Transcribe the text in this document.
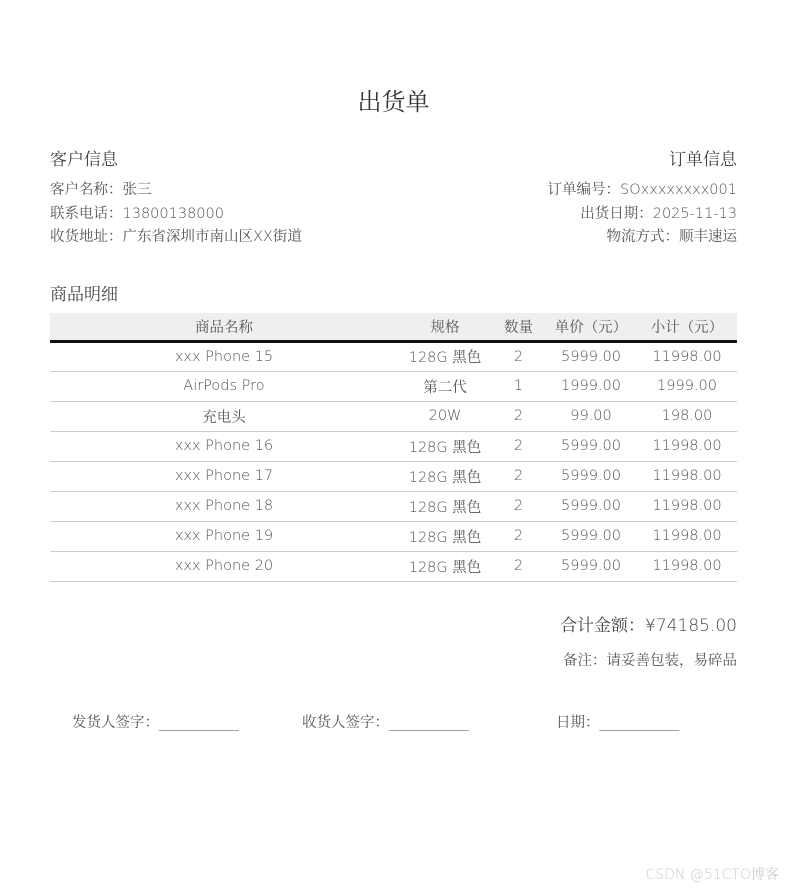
出货单
客户信息	订单信息
客户名称：张三
联系电话：13800138000
收货地址：广东省深圳市南山区XX街道
订单编号：SOxxxxxxxx001
出货日期：2025-11-13
物流方式：顺丰速运
商品明细
商品名称	规格	数量	单价（元）	小计（元）
xxx Phone 15	128G 黑色	2	5999.00	11998.00
AirPods Pro	第二代	1	1999.00	1999.00
充电头	20W	2	99.00	198.00
xxx Phone 16	128G 黑色	2	5999.00	11998.00
xxx Phone 17	128G 黑色	2	5999.00	11998.00
xxx Phone 18	128G 黑色	2	5999.00	11998.00
xxx Phone 19	128G 黑色	2	5999.00	11998.00
xxx Phone 20	128G 黑色	2	5999.00	11998.00
合计金额：¥74185.00
备注：请妥善包装，易碎品
发货人签字：___________	收货人签字：___________	日期：___________
CSDN @51CTO博客
